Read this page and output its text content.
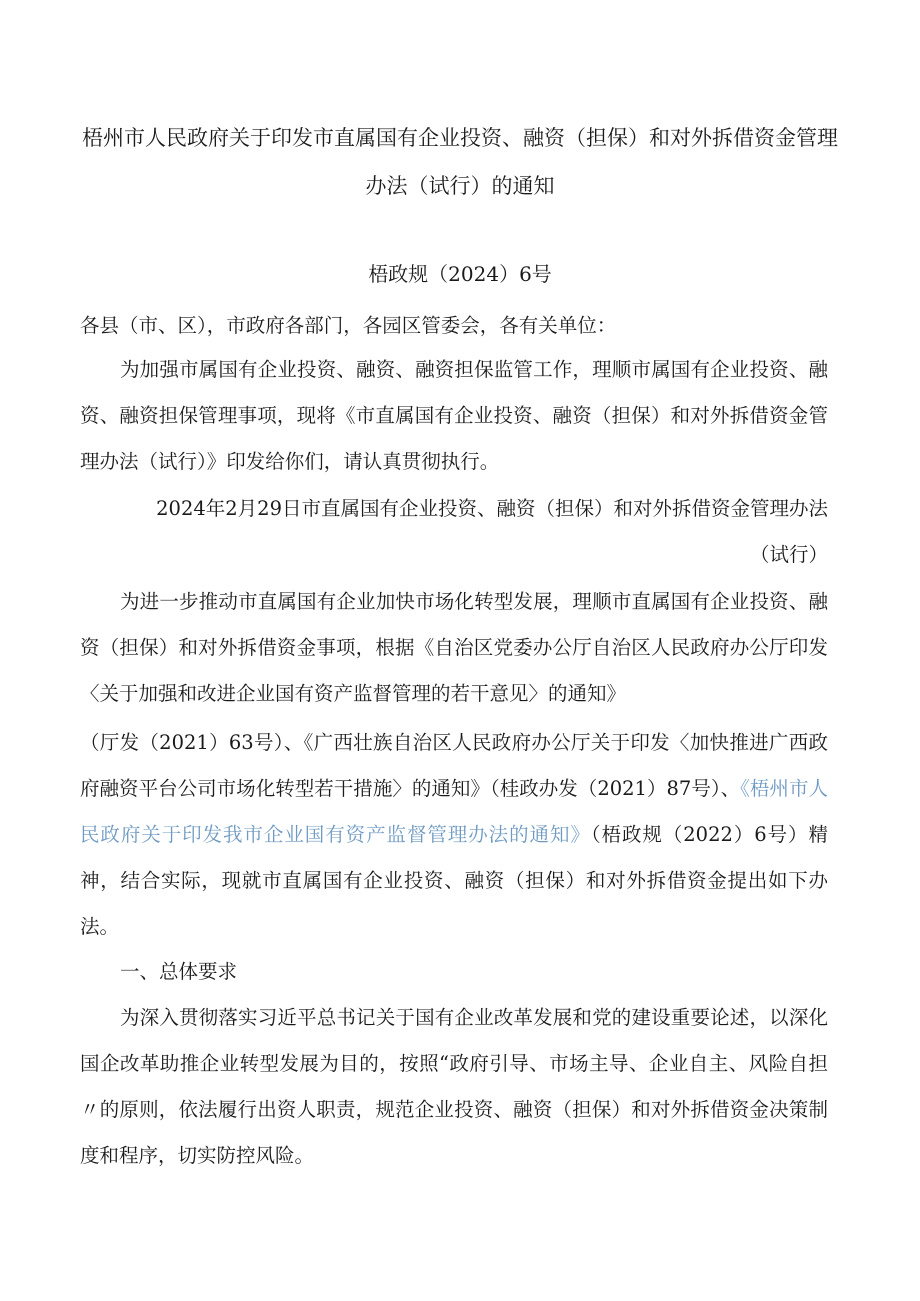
梧州市人民政府关于印发市直属国有企业投资、融资（担保）和对外拆借资金管理
办法（试行）的通知
梧政规（2024）6号

各县（市、区），市政府各部门，各园区管委会，各有关单位：

为加强市属国有企业投资、融资、融资担保监管工作，理顺市属国有企业投资、融资、融资担保管理事项，现将《市直属国有企业投资、融资（担保）和对外拆借资金管理办法（试行）》印发给你们，请认真贯彻执行。

2024年2月29日市直属国有企业投资、融资（担保）和对外拆借资金管理办法
（试行）

为进一步推动市直属国有企业加快市场化转型发展，理顺市直属国有企业投资、融资（担保）和对外拆借资金事项，根据《自治区党委办公厅自治区人民政府办公厅印发〈关于加强和改进企业国有资产监督管理的若干意见〉的通知》

（厅发（2021）63号）、《广西壮族自治区人民政府办公厅关于印发〈加快推进广西政府融资平台公司市场化转型若干措施〉的通知》（桂政办发（2021）87号）、《梧州市人民政府关于印发我市企业国有资产监督管理办法的通知》（梧政规（2022）6号）精神，结合实际，现就市直属国有企业投资、融资（担保）和对外拆借资金提出如下办法。

一、总体要求

为深入贯彻落实习近平总书记关于国有企业改革发展和党的建设重要论述，以深化国企改革助推企业转型发展为目的，按照“政府引导、市场主导、企业自主、风险自担〃的原则，依法履行出资人职责，规范企业投资、融资（担保）和对外拆借资金决策制度和程序，切实防控风险。
